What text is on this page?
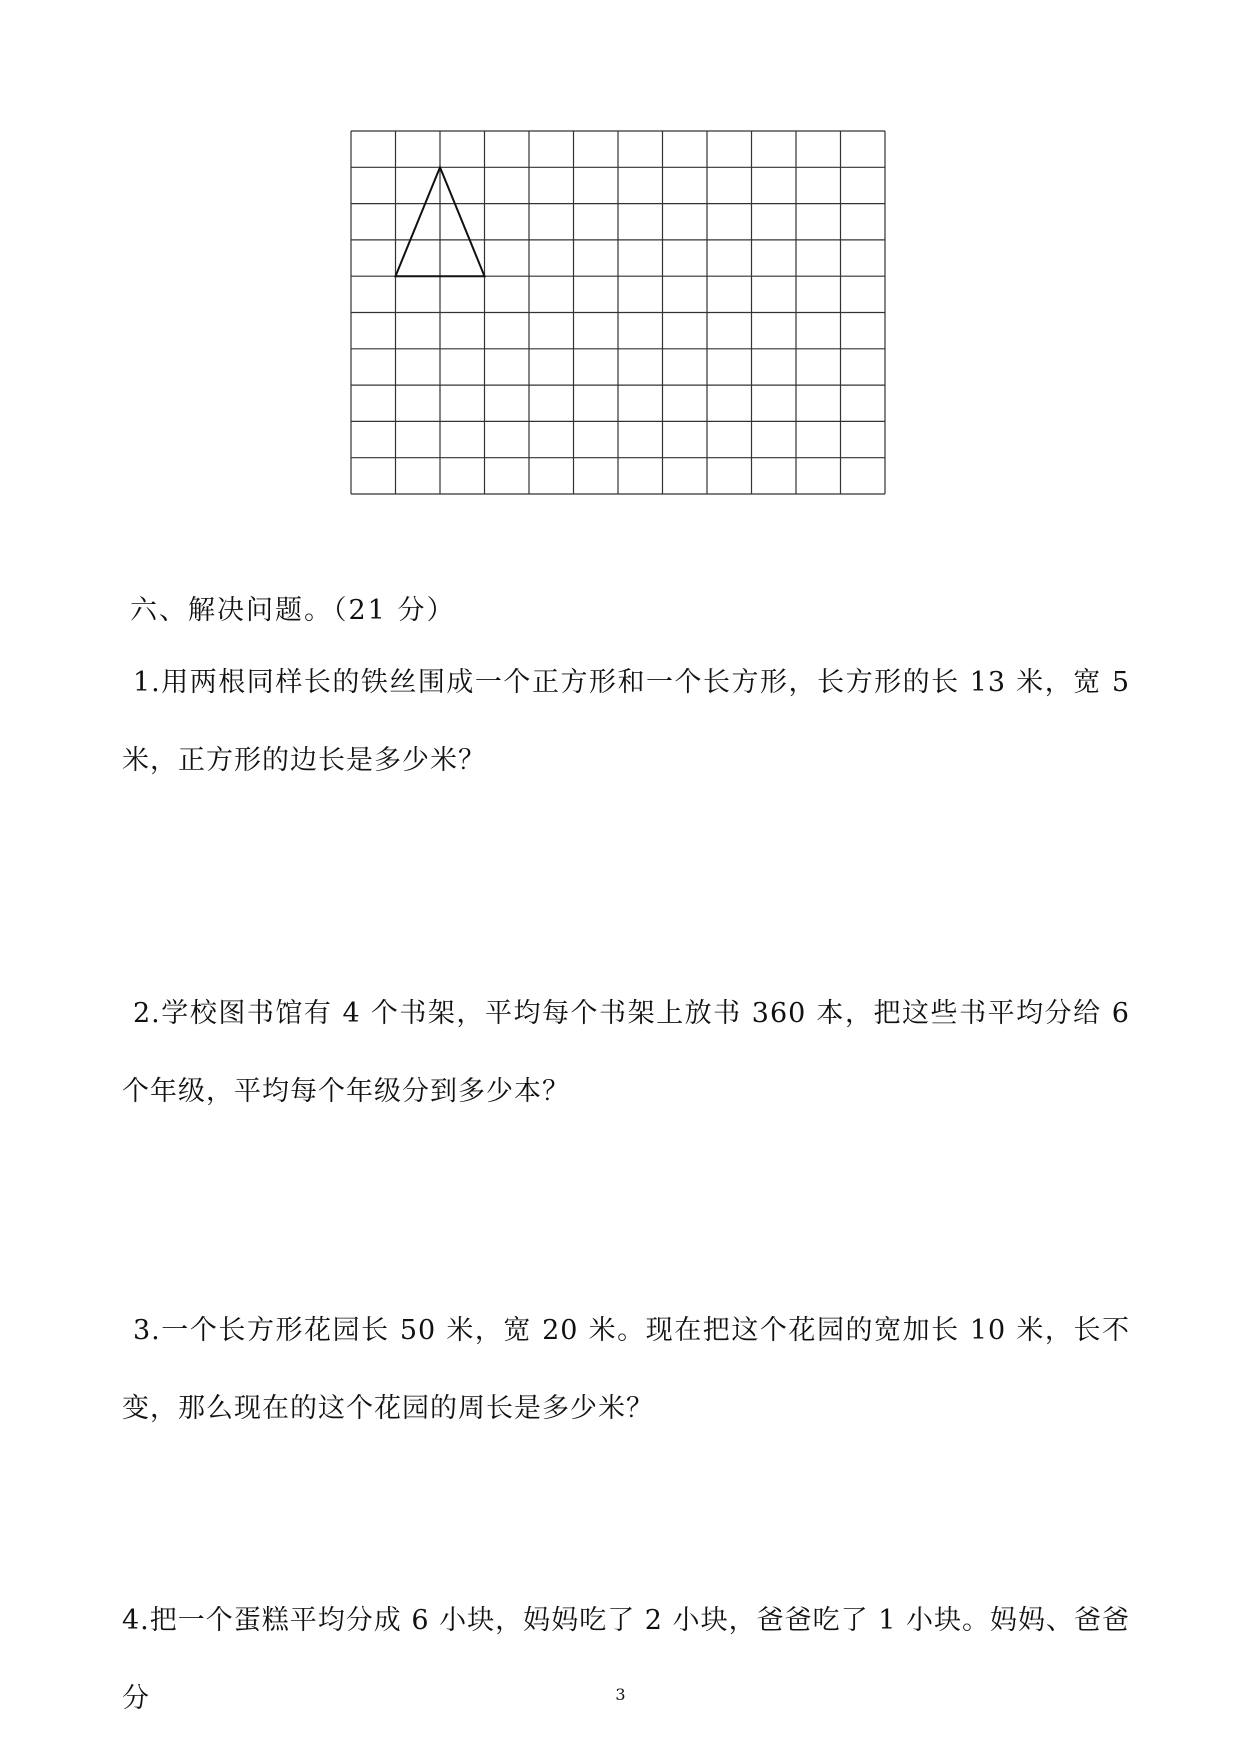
六、解决问题。（21 分）
1.用两根同样长的铁丝围成一个正方形和一个长方形，长方形的长 13 米，宽 5 米，正方形的边长是多少米？
2.学校图书馆有 4 个书架，平均每个书架上放书 360 本，把这些书平均分给 6 个年级，平均每个年级分到多少本？
3.一个长方形花园长 50 米，宽 20 米。现在把这个花园的宽加长 10 米，长不变，那么现在的这个花园的周长是多少米？
4.把一个蛋糕平均分成 6 小块，妈妈吃了 2 小块，爸爸吃了 1 小块。妈妈、爸爸分	3
